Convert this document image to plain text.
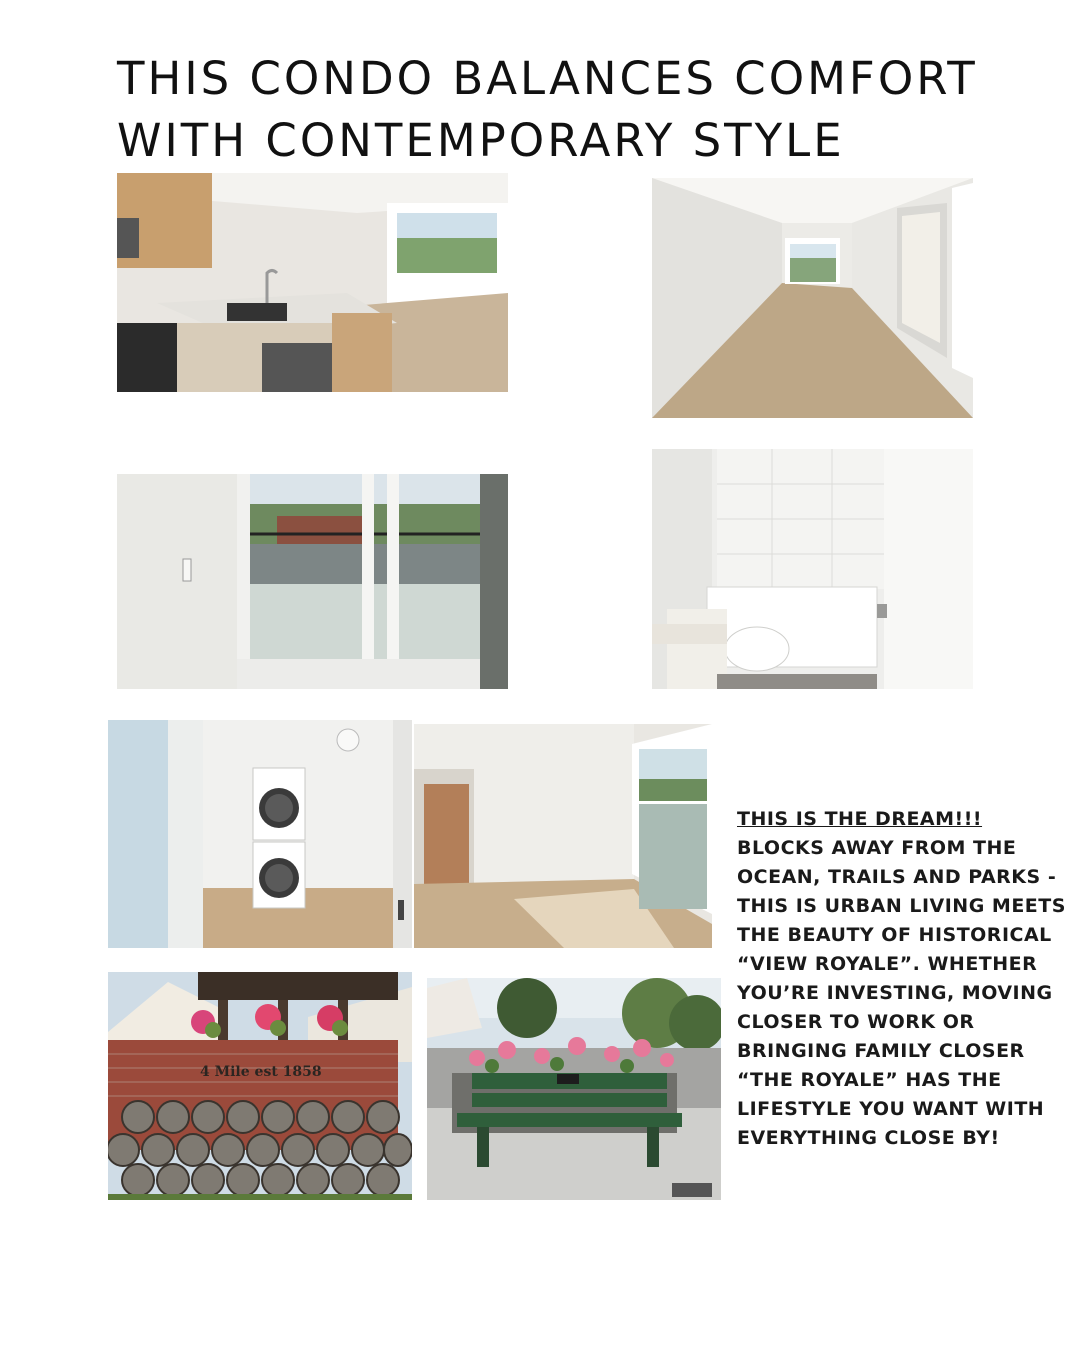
THIS CONDO BALANCES COMFORT
WITH CONTEMPORARY STYLE
4 Mile est 1858
THIS IS THE DREAM!!!
BLOCKS AWAY FROM THE OCEAN, TRAILS AND PARKS - THIS IS URBAN LIVING MEETS THE BEAUTY OF HISTORICAL “VIEW ROYALE”. WHETHER YOU’RE INVESTING, MOVING CLOSER TO WORK OR BRINGING FAMILY CLOSER “THE ROYALE” HAS THE LIFESTYLE YOU WANT WITH EVERYTHING CLOSE BY!
